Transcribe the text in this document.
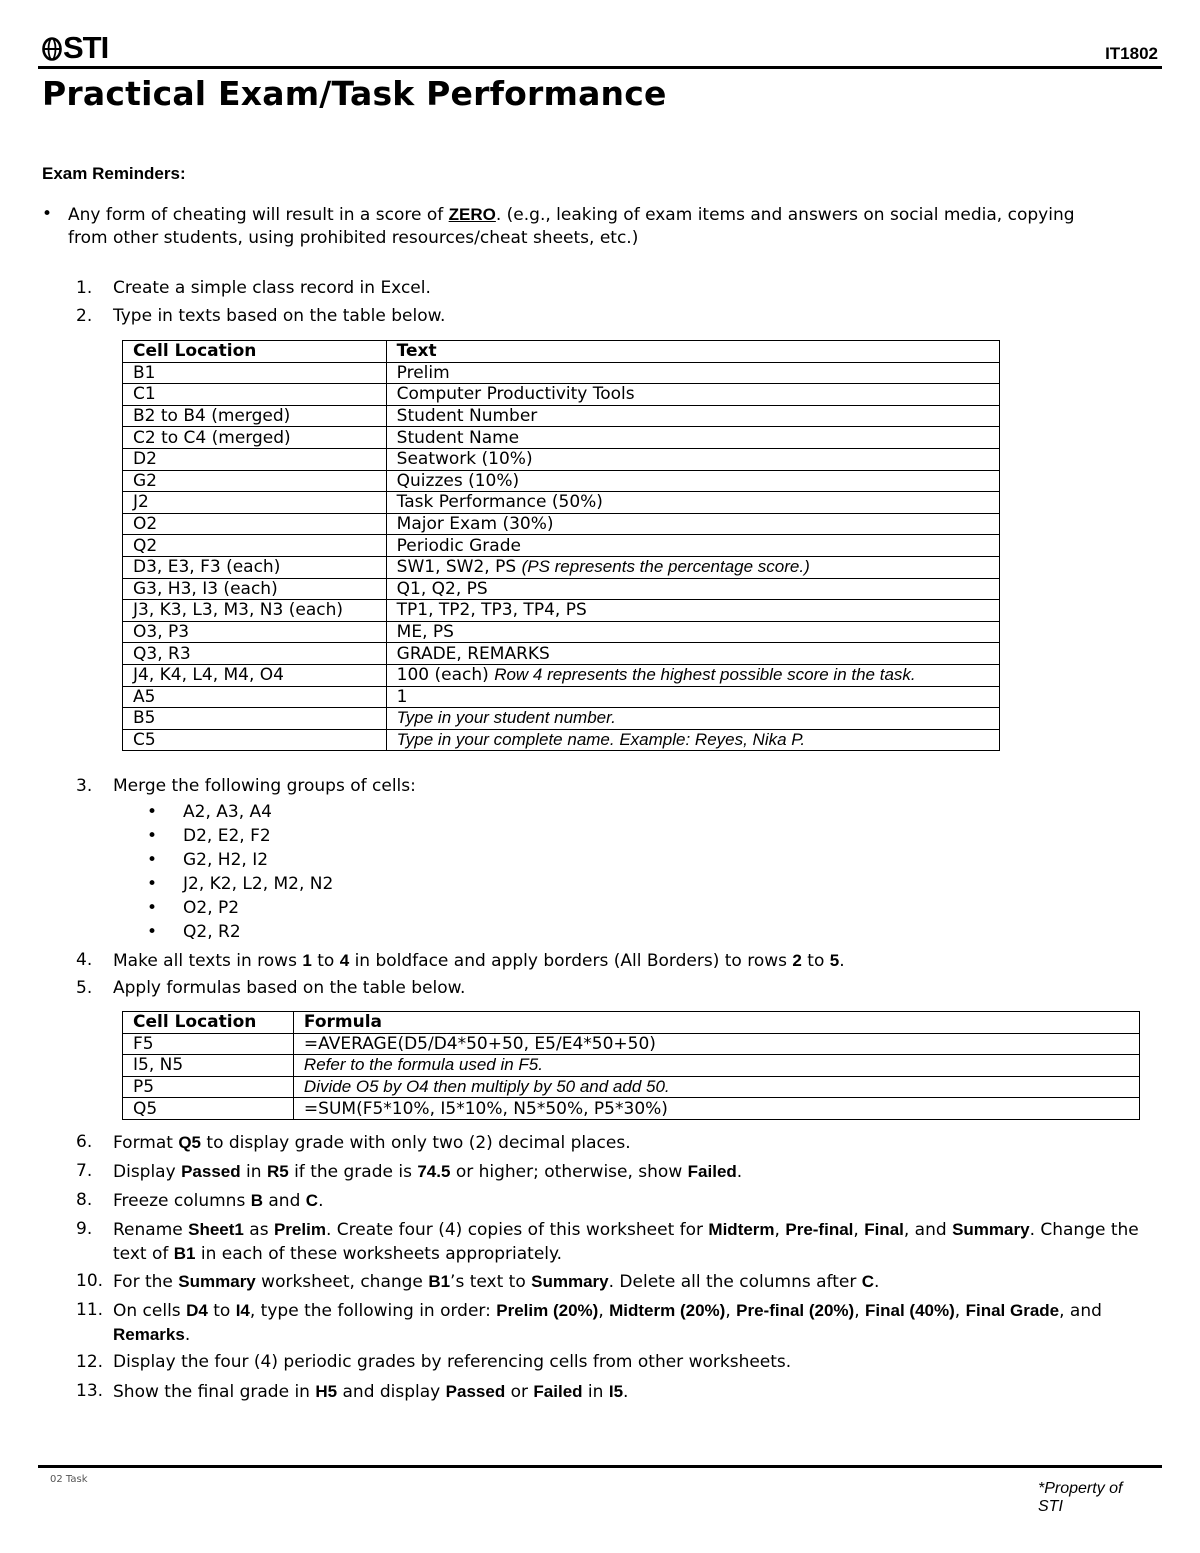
STI	IT1802
Practical Exam/Task Performance
Exam Reminders:
• Any form of cheating will result in a score of ZERO. (e.g., leaking of exam items and answers on social media, copying from other students, using prohibited resources/cheat sheets, etc.)
1. Create a simple class record in Excel.
2. Type in texts based on the table below.
Cell Location	Text
B1	Prelim
C1	Computer Productivity Tools
B2 to B4 (merged)	Student Number
C2 to C4 (merged)	Student Name
D2	Seatwork (10%)
G2	Quizzes (10%)
J2	Task Performance (50%)
O2	Major Exam (30%)
Q2	Periodic Grade
D3, E3, F3 (each)	SW1, SW2, PS (PS represents the percentage score.)
G3, H3, I3 (each)	Q1, Q2, PS
J3, K3, L3, M3, N3 (each)	TP1, TP2, TP3, TP4, PS
O3, P3	ME, PS
Q3, R3	GRADE, REMARKS
J4, K4, L4, M4, O4	100 (each) Row 4 represents the highest possible score in the task.
A5	1
B5	Type in your student number.
C5	Type in your complete name. Example: Reyes, Nika P.
3. Merge the following groups of cells:
• A2, A3, A4
• D2, E2, F2
• G2, H2, I2
• J2, K2, L2, M2, N2
• O2, P2
• Q2, R2
4. Make all texts in rows 1 to 4 in boldface and apply borders (All Borders) to rows 2 to 5.
5. Apply formulas based on the table below.
Cell Location	Formula
F5	=AVERAGE(D5/D4*50+50, E5/E4*50+50)
I5, N5	Refer to the formula used in F5.
P5	Divide O5 by O4 then multiply by 50 and add 50.
Q5	=SUM(F5*10%, I5*10%, N5*50%, P5*30%)
6. Format Q5 to display grade with only two (2) decimal places.
7. Display Passed in R5 if the grade is 74.5 or higher; otherwise, show Failed.
8. Freeze columns B and C.
9. Rename Sheet1 as Prelim. Create four (4) copies of this worksheet for Midterm, Pre-final, Final, and Summary. Change the text of B1 in each of these worksheets appropriately.
10. For the Summary worksheet, change B1’s text to Summary. Delete all the columns after C.
11. On cells D4 to I4, type the following in order: Prelim (20%), Midterm (20%), Pre-final (20%), Final (40%), Final Grade, and Remarks.
12. Display the four (4) periodic grades by referencing cells from other worksheets.
13. Show the final grade in H5 and display Passed or Failed in I5.
02 Task
*Property of STI
